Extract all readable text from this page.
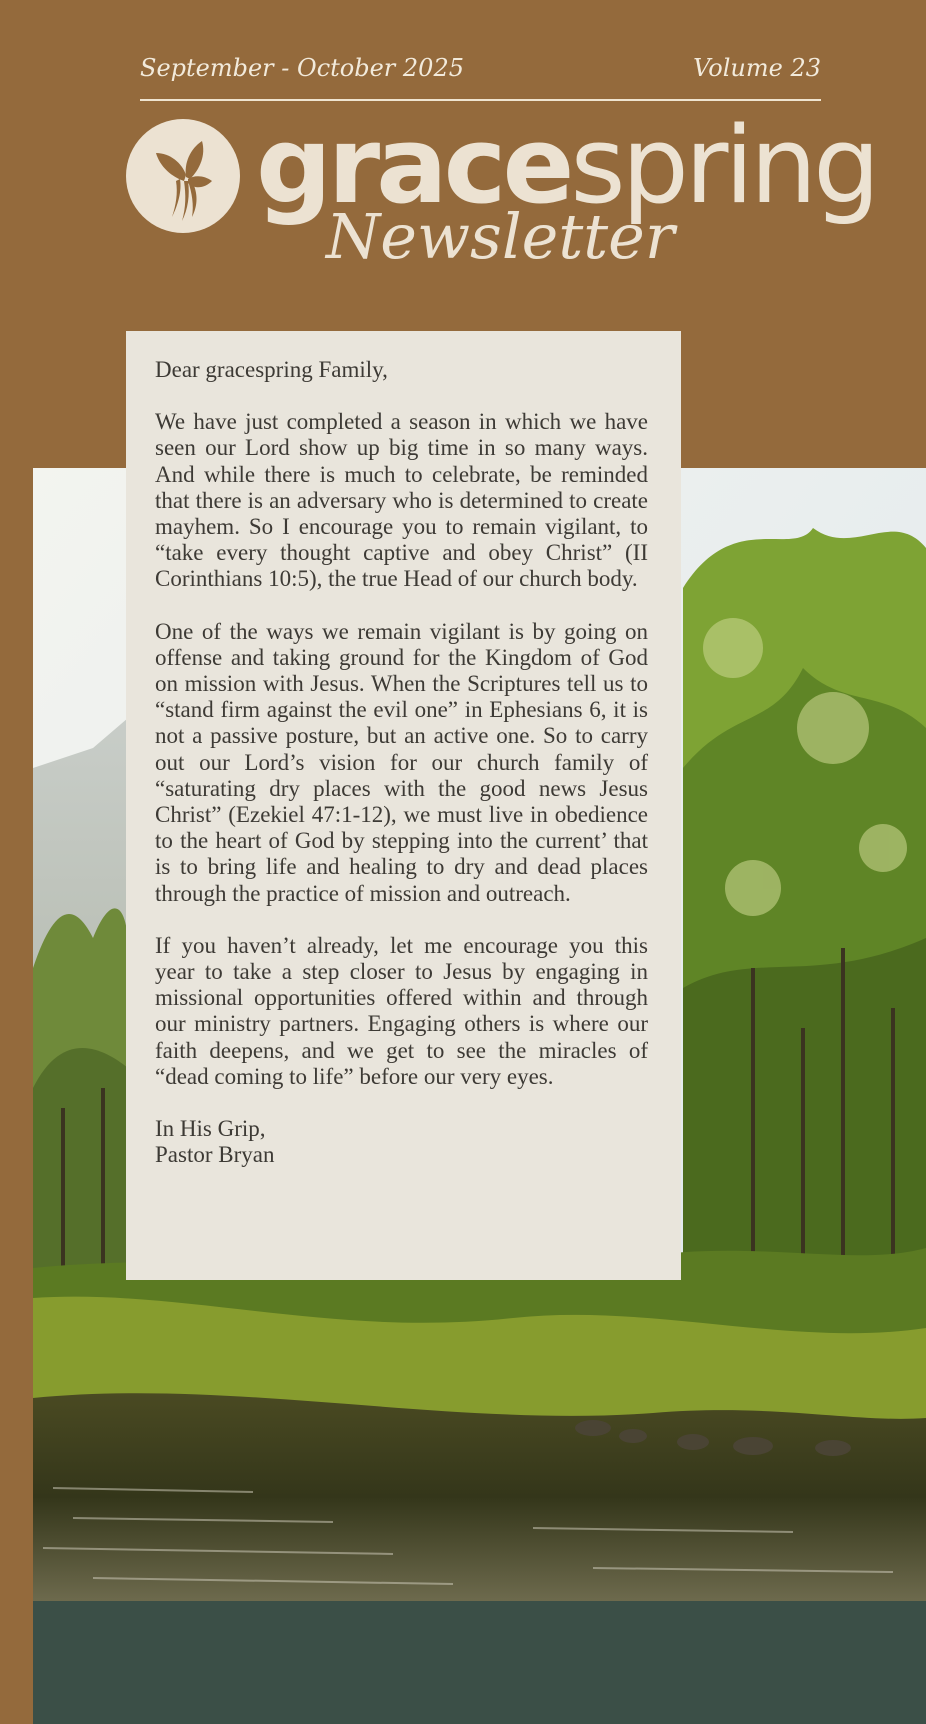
September - October 2025	Volume 23
gracespring
Newsletter

Dear gracespring Family,

We have just completed a season in which we have seen our Lord show up big time in so many ways. And while there is much to celebrate, be reminded that there is an adversary who is determined to create mayhem. So I encourage you to remain vigilant, to “take every thought captive and obey Christ” (II Corinthians 10:5), the true Head of our church body.

One of the ways we remain vigilant is by going on offense and taking ground for the Kingdom of God on mission with Jesus. When the Scriptures tell us to “stand firm against the evil one” in Ephesians 6, it is not a passive posture, but an active one. So to carry out our Lord’s vision for our church family of “saturating dry places with the good news Jesus Christ” (Ezekiel 47:1-12), we must live in obedience to the heart of God by stepping into the current’ that is to bring life and healing to dry and dead places through the practice of mission and outreach.

If you haven’t already, let me encourage you this year to take a step closer to Jesus by engaging in missional opportunities offered within and through our ministry partners. Engaging others is where our faith deepens, and we get to see the miracles of “dead coming to life” before our very eyes.

In His Grip,

Pastor Bryan
